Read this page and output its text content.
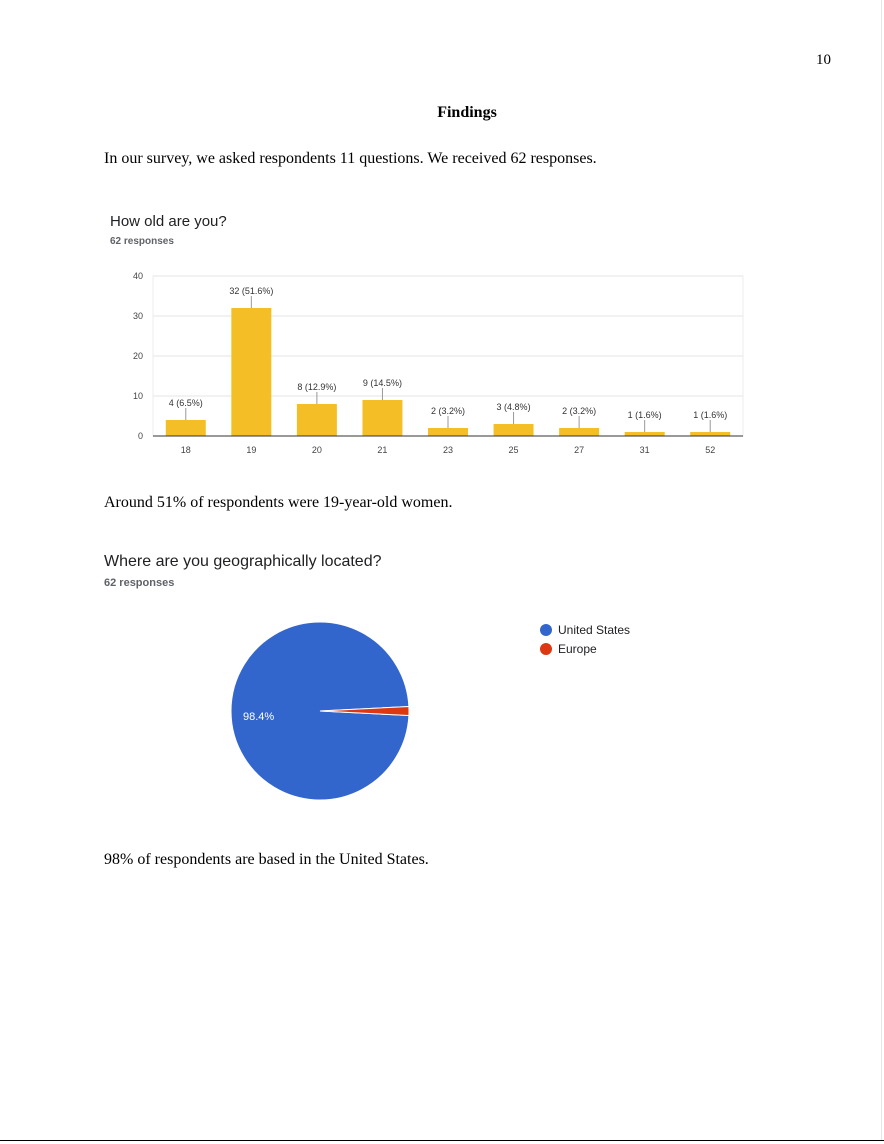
10
Findings
In our survey, we asked respondents 11 questions. We received 62 responses.
How old are you?
62 responses
0
10
20
30
40
4 (6.5%)
18
32 (51.6%)
19
8 (12.9%)
20
9 (14.5%)
21
2 (3.2%)
23
3 (4.8%)
25
2 (3.2%)
27
1 (1.6%)
31
1 (1.6%)
52
Around 51% of respondents were 19-year-old women.
Where are you geographically located?
62 responses
98.4%
United States
Europe
98% of respondents are based in the United States.
